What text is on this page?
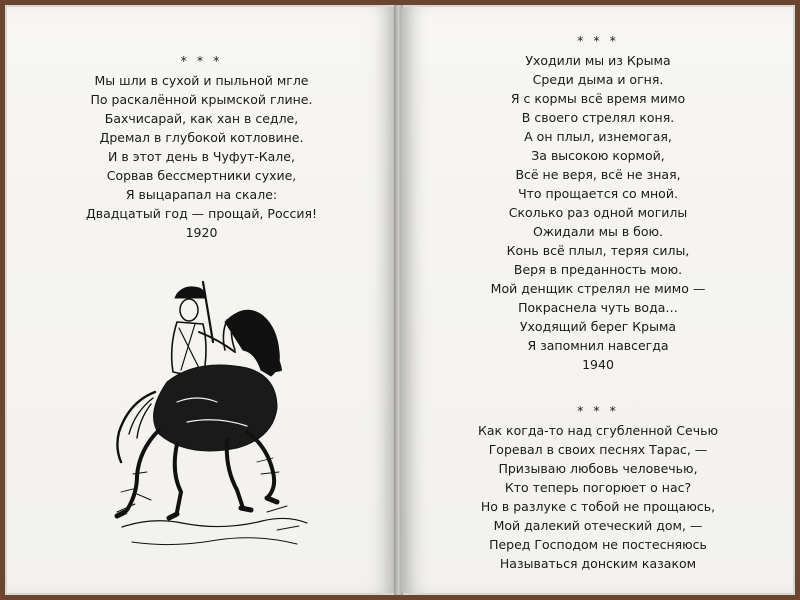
* * *
Мы шли в сухой и пыльной мгле
По раскалённой крымской глине.
Бахчисарай, как хан в седле,
Дремал в глубокой котловине.
И в этот день в Чуфут-Кале,
Сорвав бессмертники сухие,
Я выцарапал на скале:
Двадцатый год — прощай, Россия!
1920
* * *
Уходили мы из Крыма
Среди дыма и огня.
Я с кормы всё время мимо
В своего стрелял коня.
А он плыл, изнемогая,
За высокою кормой,
Всё не веря, всё не зная,
Что прощается со мной.
Сколько раз одной могилы
Ожидали мы в бою.
Конь всё плыл, теряя силы,
Веря в преданность мою.
Мой денщик стрелял не мимо —
Покраснела чуть вода…
Уходящий берег Крыма
Я запомнил навсегда
1940
* * *
Как когда-то над сгубленной Сечью
Горевал в своих песнях Тарас, —
Призываю любовь человечью,
Кто теперь погорюет о нас?
Но в разлуке с тобой не прощаюсь,
Мой далекий отеческий дом, —
Перед Господом не постесняюсь
Называться донским казаком
